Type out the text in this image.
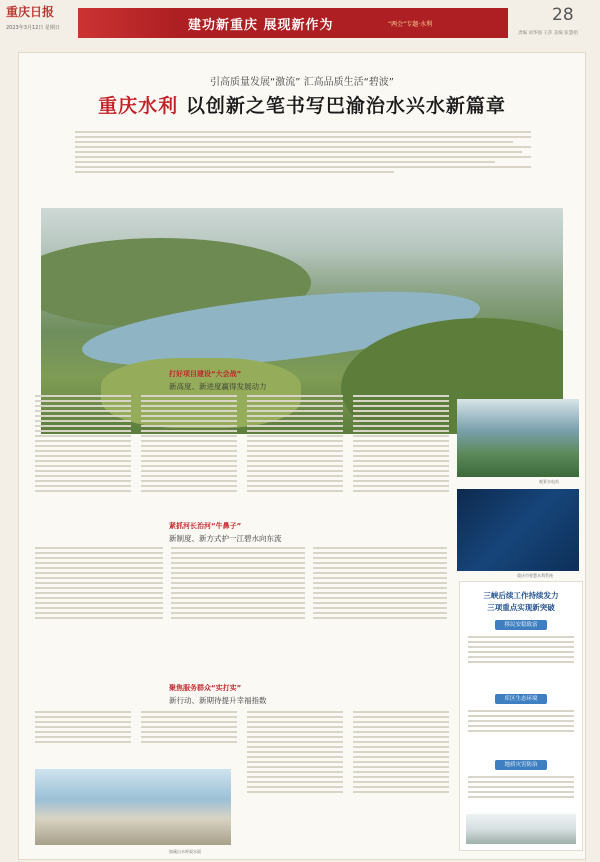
重庆日报
2023年3月12日 星期日	建功新重庆 展现新作为	“两会”专题·水利	28
责编 刘华强 王萍 美编 张慧娟
引高质量发展“激流” 汇高品质生活“碧波”
重庆水利 以创新之笔书写巴渝治水兴水新篇章
打好项目建设“大会战”
新高度、新进度赢得发展动力
观景水电站
重庆市智慧水利系统
紧抓河长治河“牛鼻子”
新制度、新方式护一江碧水向东流
聚焦服务群众“实打实”
新行动、新期待提升幸福指数
如溪山水库渠水面
三峡后续工作持续发力
三项重点实现新突破
移民安稳致富
库区生态环境
地质灾害防治
